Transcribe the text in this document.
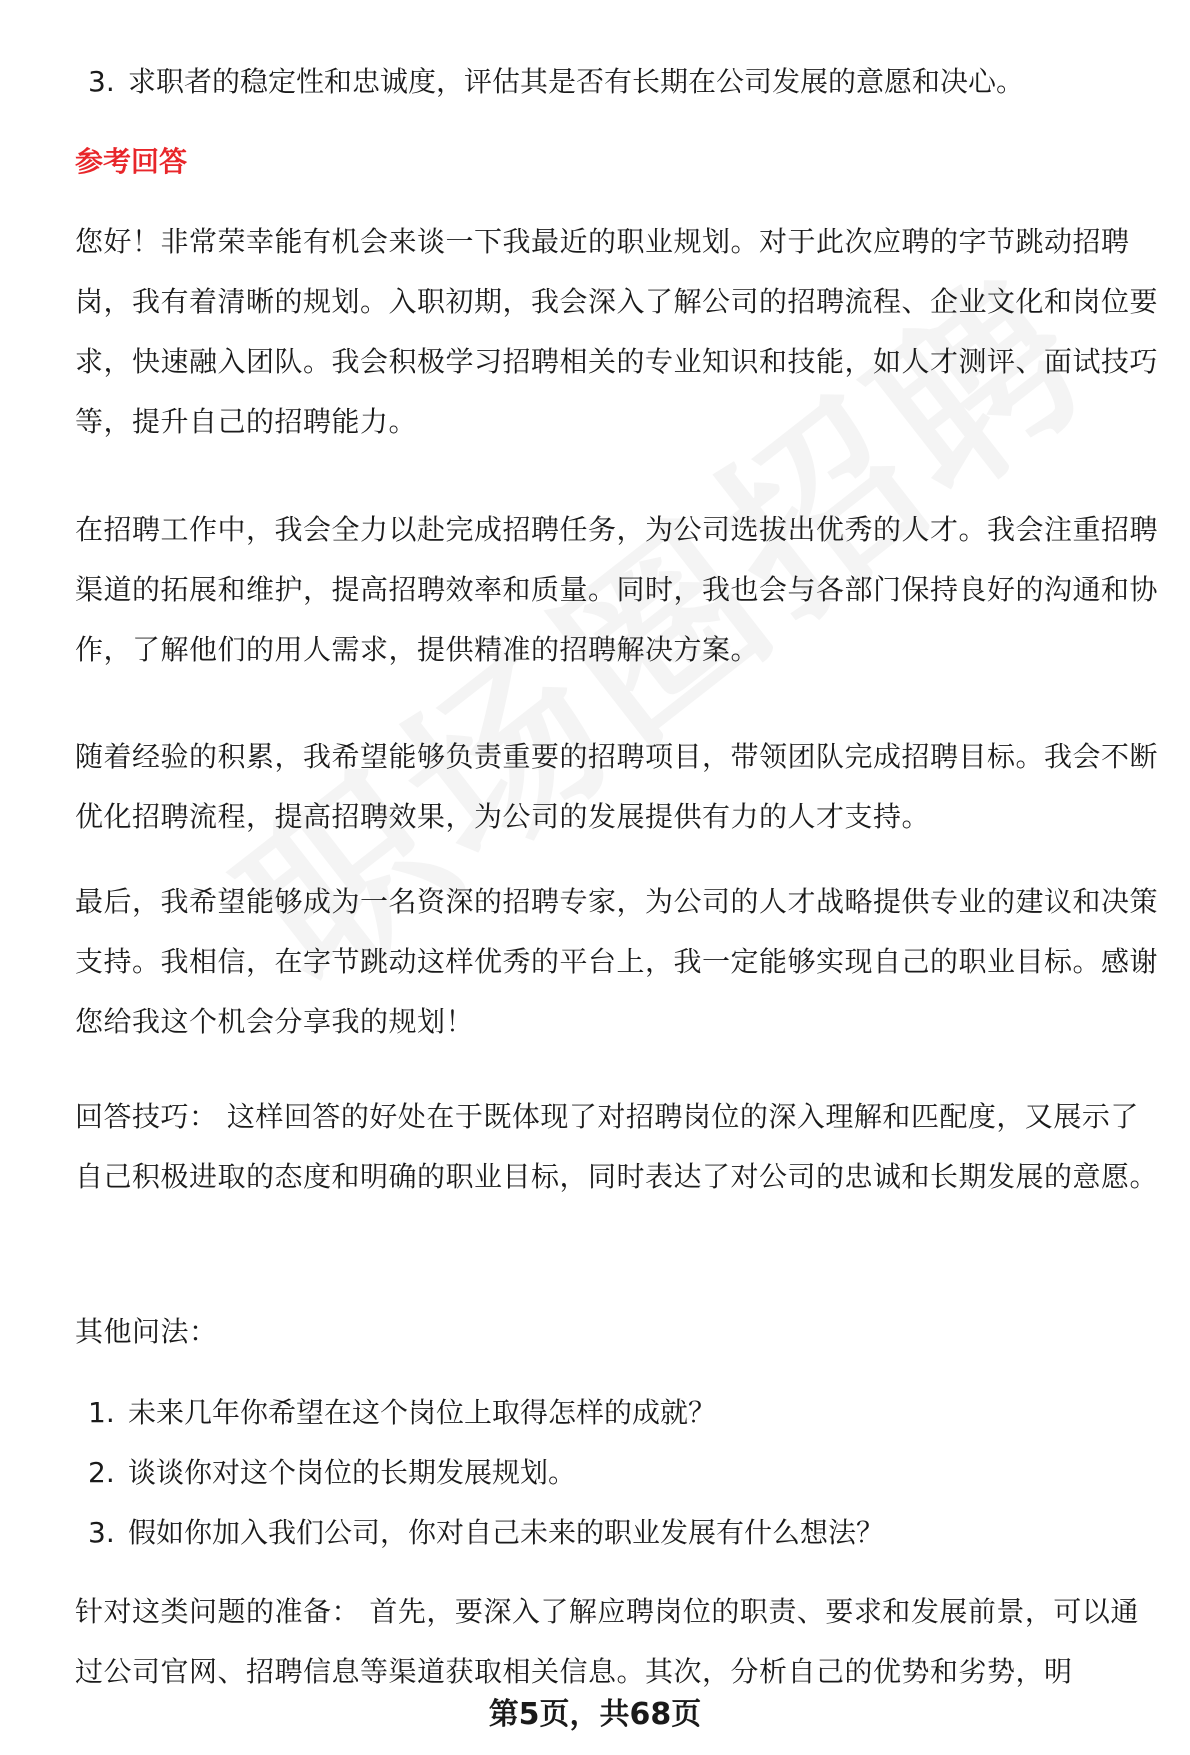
3. 求职者的稳定性和忠诚度，评估其是否有长期在公司发展的意愿和决心。

参考回答

您好！非常荣幸能有机会来谈一下我最近的职业规划。对于此次应聘的字节跳动招聘岗，我有着清晰的规划。入职初期，我会深入了解公司的招聘流程、企业文化和岗位要求，快速融入团队。我会积极学习招聘相关的专业知识和技能，如人才测评、面试技巧等，提升自己的招聘能力。

在招聘工作中，我会全力以赴完成招聘任务，为公司选拔出优秀的人才。我会注重招聘渠道的拓展和维护，提高招聘效率和质量。同时，我也会与各部门保持良好的沟通和协作，了解他们的用人需求，提供精准的招聘解决方案。

随着经验的积累，我希望能够负责重要的招聘项目，带领团队完成招聘目标。我会不断优化招聘流程，提高招聘效果，为公司的发展提供有力的人才支持。

最后，我希望能够成为一名资深的招聘专家，为公司的人才战略提供专业的建议和决策支持。我相信，在字节跳动这样优秀的平台上，我一定能够实现自己的职业目标。感谢您给我这个机会分享我的规划！

回答技巧： 这样回答的好处在于既体现了对招聘岗位的深入理解和匹配度，又展示了自己积极进取的态度和明确的职业目标，同时表达了对公司的忠诚和长期发展的意愿。

其他问法：

1. 未来几年你希望在这个岗位上取得怎样的成就？

2. 谈谈你对这个岗位的长期发展规划。

3. 假如你加入我们公司，你对自己未来的职业发展有什么想法？

针对这类问题的准备： 首先，要深入了解应聘岗位的职责、要求和发展前景，可以通过公司官网、招聘信息等渠道获取相关信息。其次，分析自己的优势和劣势，明

第5页，共68页
